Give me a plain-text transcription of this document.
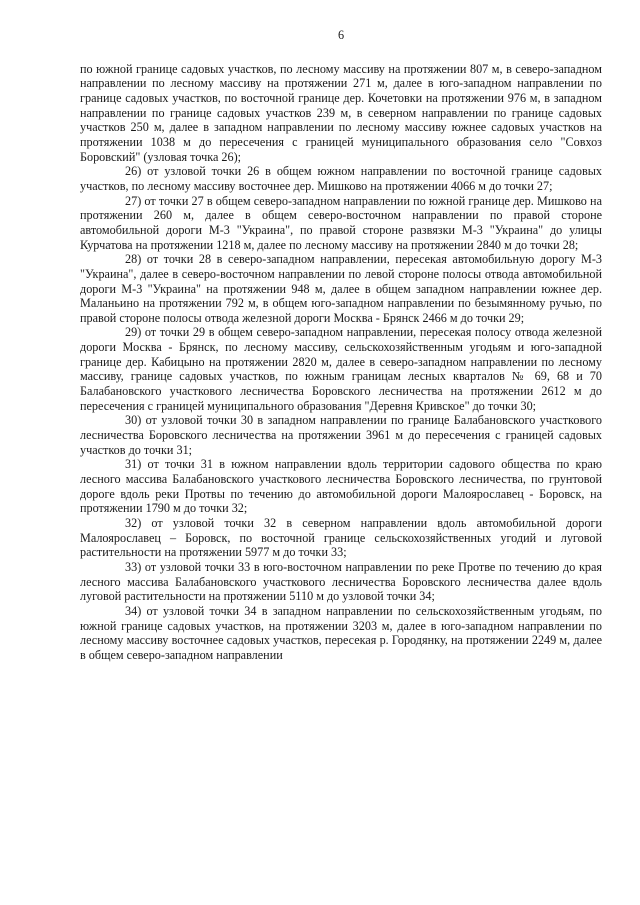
6

по южной границе садовых участков, по лесному массиву на протяжении 807 м, в северо-западном направлении по лесному массиву на протяжении 271 м, далее в юго-западном направлении по границе садовых участков, по восточной границе дер. Кочетовки на протяжении 976 м, в западном направлении по границе садовых участков 239 м, в северном направлении по границе садовых участков 250 м, далее в западном направлении по лесному массиву южнее садовых участков на протяжении 1038 м до пересечения с границей муниципального образования село "Совхоз Боровский" (узловая точка 26);

26) от узловой точки 26 в общем южном направлении по восточной границе садовых участков, по лесному массиву восточнее дер. Мишково на протяжении 4066 м до точки 27;

27) от точки 27 в общем северо-западном направлении по южной границе дер. Мишково на протяжении 260 м, далее в общем северо-восточном направлении по правой стороне автомобильной дороги М-3 "Украина", по правой стороне развязки М-3 "Украина" до улицы Курчатова на протяжении 1218 м, далее по лесному массиву на протяжении 2840 м до точки 28;

28) от точки 28 в северо-западном направлении, пересекая автомобильную дорогу М-3 "Украина", далее в северо-восточном направлении по левой стороне полосы отвода автомобильной дороги М-3 "Украина" на протяжении 948 м, далее в общем западном направлении южнее дер. Маланьино на протяжении 792 м, в общем юго-западном направлении по безымянному ручью, по правой стороне полосы отвода железной дороги Москва - Брянск 2466 м до точки 29;

29) от точки 29 в общем северо-западном направлении, пересекая полосу отвода железной дороги Москва - Брянск, по лесному массиву, сельскохозяйственным угодьям и юго-западной границе дер. Кабицыно на протяжении 2820 м, далее в северо-западном направлении по лесному массиву, границе садовых участков, по южным границам лесных кварталов № 69, 68 и 70 Балабановского участкового лесничества Боровского лесничества на протяжении 2612 м до пересечения с границей муниципального образования "Деревня Кривское" до точки 30;

30) от узловой точки 30 в западном направлении по границе Балабановского участкового лесничества Боровского лесничества на протяжении 3961 м до пересечения с границей садовых участков до точки 31;

31) от точки 31 в южном направлении вдоль территории садового общества по краю лесного массива Балабановского участкового лесничества Боровского лесничества, по грунтовой дороге вдоль реки Протвы по течению до автомобильной дороги Малоярославец - Боровск, на протяжении 1790 м до точки 32;

32) от узловой точки 32 в северном направлении вдоль автомобильной дороги Малоярославец – Боровск, по восточной границе сельскохозяйственных угодий и луговой растительности на протяжении 5977 м до точки 33;

33) от узловой точки 33 в юго-восточном направлении по реке Протве по течению до края лесного массива Балабановского участкового лесничества Боровского лесничества далее вдоль луговой растительности на протяжении 5110 м до узловой точки 34;

34) от узловой точки 34 в западном направлении по сельскохозяйственным угодьям, по южной границе садовых участков, на протяжении 3203 м, далее в юго-западном направлении по лесному массиву восточнее садовых участков, пересекая р. Городянку, на протяжении 2249 м, далее в общем северо-западном направлении
